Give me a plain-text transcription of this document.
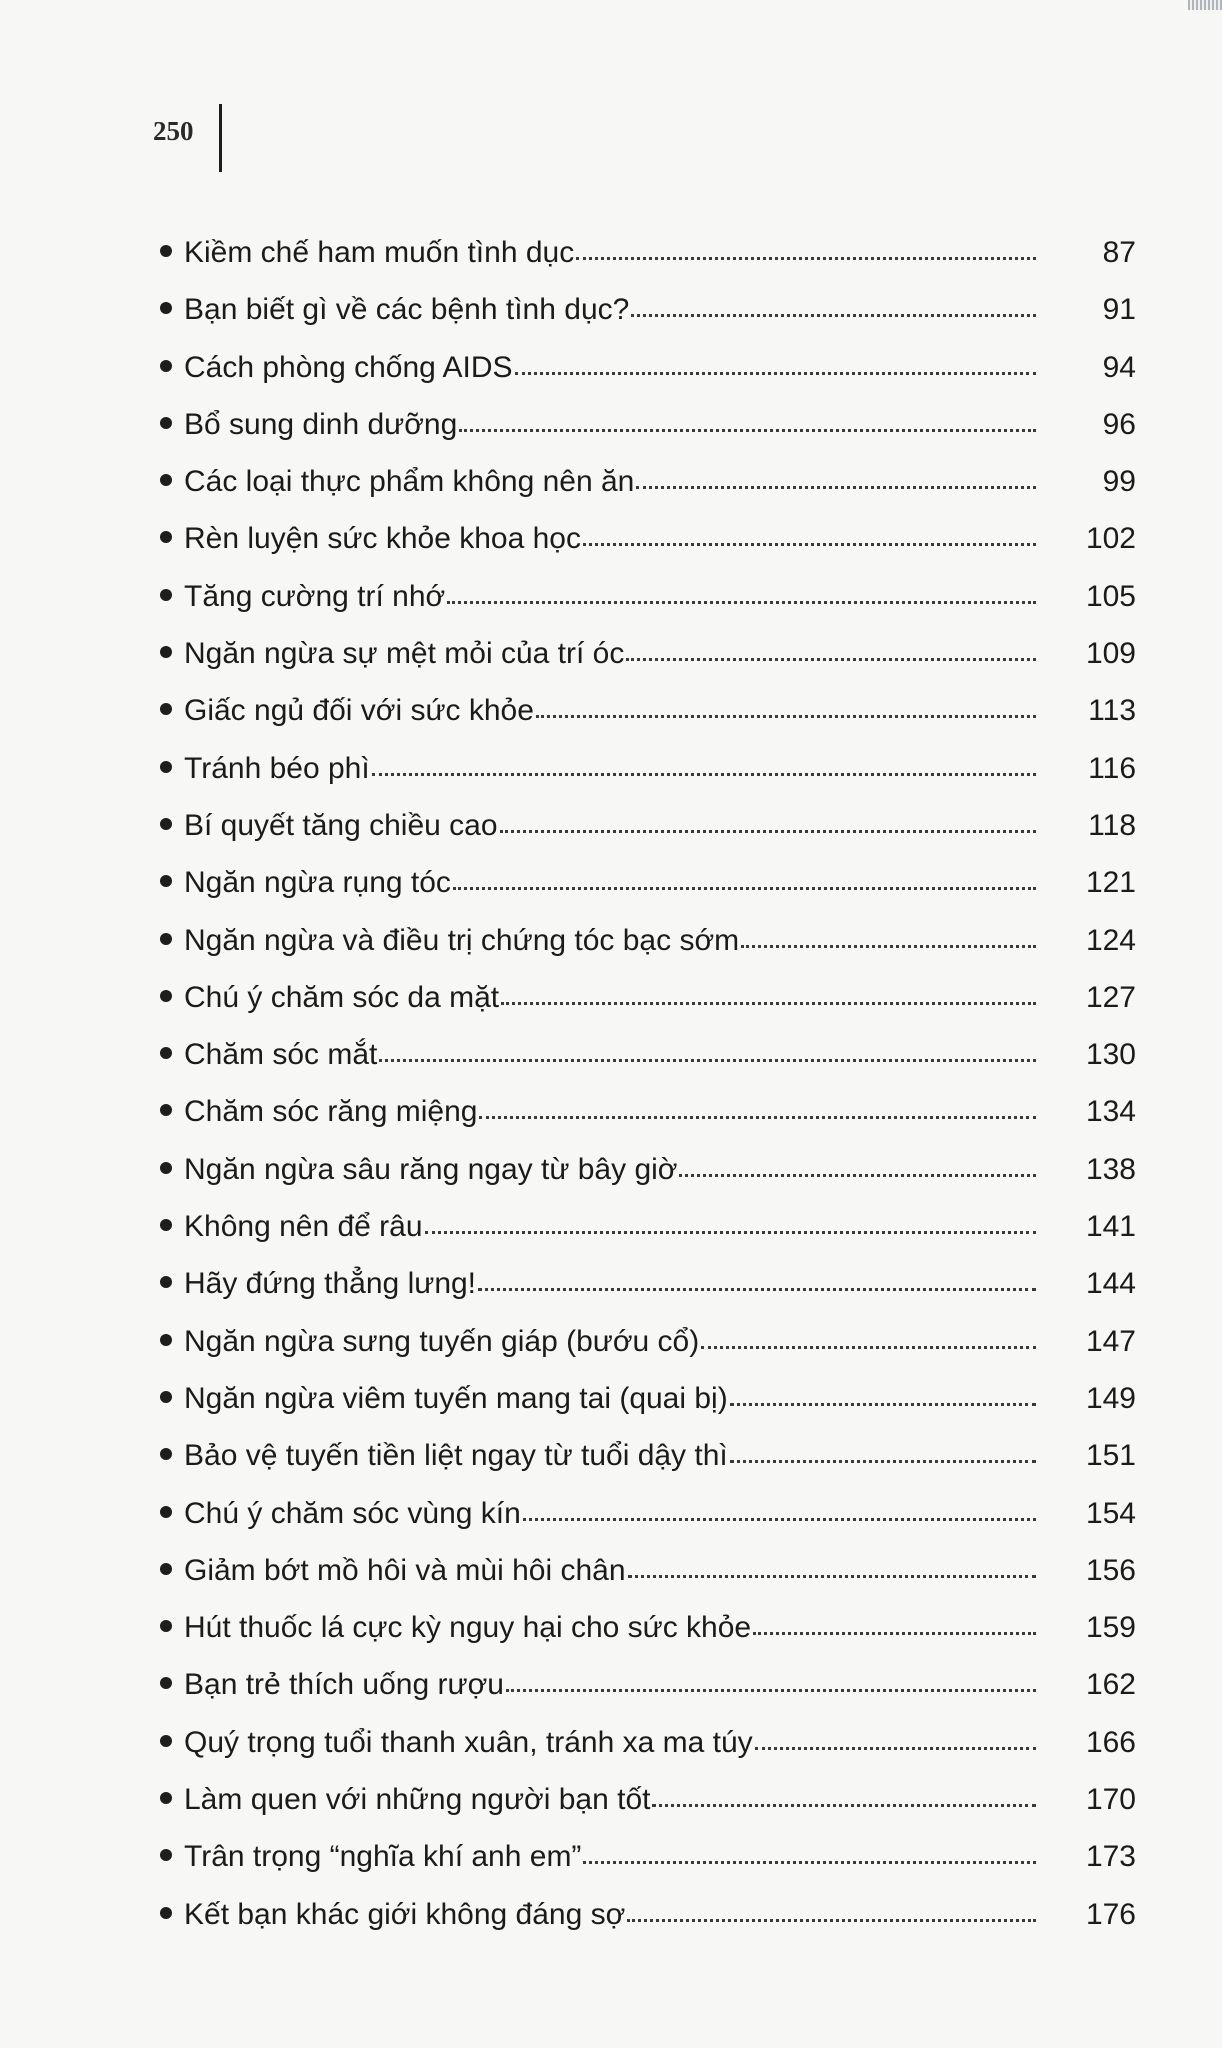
250
Kiềm chế ham muốn tình dục	87
Bạn biết gì về các bệnh tình dục?	91
Cách phòng chống AIDS	94
Bổ sung dinh dưỡng	96
Các loại thực phẩm không nên ăn	99
Rèn luyện sức khỏe khoa học	102
Tăng cường trí nhớ	105
Ngăn ngừa sự mệt mỏi của trí óc	109
Giấc ngủ đối với sức khỏe	113
Tránh béo phì	116
Bí quyết tăng chiều cao	118
Ngăn ngừa rụng tóc	121
Ngăn ngừa và điều trị chứng tóc bạc sớm	124
Chú ý chăm sóc da mặt	127
Chăm sóc mắt	130
Chăm sóc răng miệng	134
Ngăn ngừa sâu răng ngay từ bây giờ	138
Không nên để râu	141
Hãy đứng thẳng lưng!	144
Ngăn ngừa sưng tuyến giáp (bướu cổ)	147
Ngăn ngừa viêm tuyến mang tai (quai bị)	149
Bảo vệ tuyến tiền liệt ngay từ tuổi dậy thì	151
Chú ý chăm sóc vùng kín	154
Giảm bớt mồ hôi và mùi hôi chân	156
Hút thuốc lá cực kỳ nguy hại cho sức khỏe	159
Bạn trẻ thích uống rượu	162
Quý trọng tuổi thanh xuân, tránh xa ma túy	166
Làm quen với những người bạn tốt	170
Trân trọng “nghĩa khí anh em”	173
Kết bạn khác giới không đáng sợ	176
